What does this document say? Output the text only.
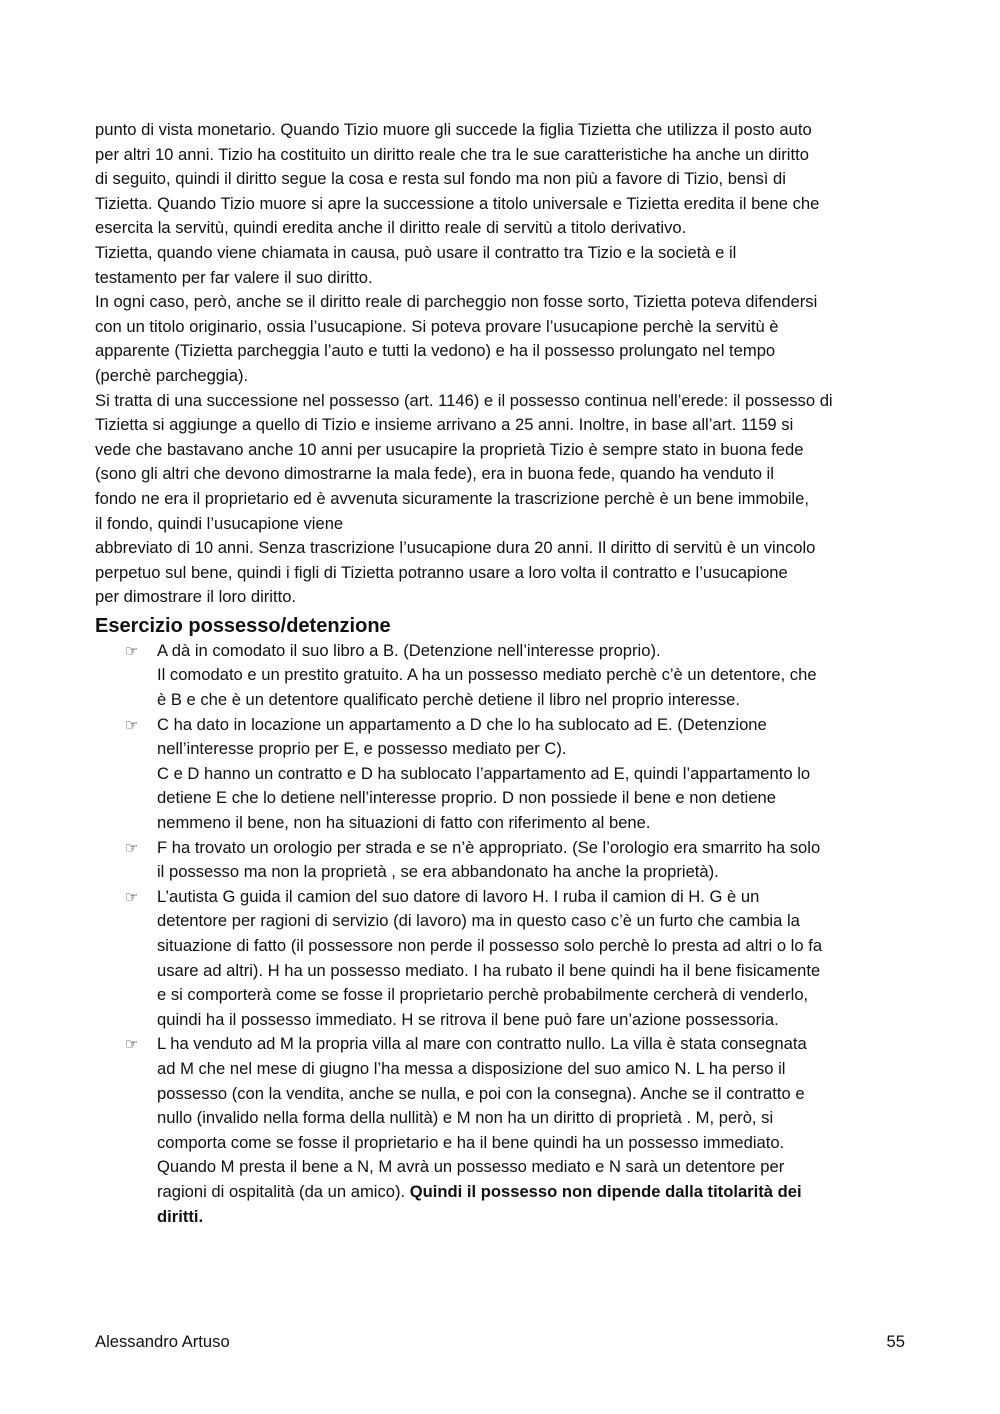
punto di vista monetario. Quando Tizio muore gli succede la figlia Tizietta che utilizza il posto auto
per altri 10 anni. Tizio ha costituito un diritto reale che tra le sue caratteristiche ha anche un diritto
di seguito, quindi il diritto segue la cosa e resta sul fondo ma non più a favore di Tizio, bensì di
Tizietta. Quando Tizio muore si apre la successione a titolo universale e Tizietta eredita il bene che
esercita la servitù, quindi eredita anche il diritto reale di servitù a titolo derivativo.

Tizietta, quando viene chiamata in causa, può usare il contratto tra Tizio e la società e il
testamento per far valere il suo diritto.

In ogni caso, però, anche se il diritto reale di parcheggio non fosse sorto, Tizietta poteva difendersi
con un titolo originario, ossia l’usucapione. Si poteva provare l’usucapione perchè la servitù è
apparente (Tizietta parcheggia l’auto e tutti la vedono) e ha il possesso prolungato nel tempo
(perchè parcheggia).

Si tratta di una successione nel possesso (art. 1146) e il possesso continua nell’erede: il possesso di
Tizietta si aggiunge a quello di Tizio e insieme arrivano a 25 anni. Inoltre, in base all’art. 1159 si
vede che bastavano anche 10 anni per usucapire la proprietà Tizio è sempre stato in buona fede
(sono gli altri che devono dimostrarne la mala fede), era in buona fede, quando ha venduto il
fondo ne era il proprietario ed è avvenuta sicuramente la trascrizione perchè è un bene immobile,
il fondo, quindi l’usucapione viene

abbreviato di 10 anni. Senza trascrizione l’usucapione dura 20 anni. Il diritto di servitù è un vincolo
perpetuo sul bene, quindi i figli di Tizietta potranno usare a loro volta il contratto e l’usucapione
per dimostrare il loro diritto.

Esercizio possesso/detenzione
☞	A dà in comodato il suo libro a B. (Detenzione nell’interesse proprio).
Il comodato e un prestito gratuito. A ha un possesso mediato perchè c’è un detentore, che
è B e che è un detentore qualificato perchè detiene il libro nel proprio interesse.
☞	C ha dato in locazione un appartamento a D che lo ha sublocato ad E. (Detenzione
nell’interesse proprio per E, e possesso mediato per C).
C e D hanno un contratto e D ha sublocato l’appartamento ad E, quindi l’appartamento lo
detiene E che lo detiene nell’interesse proprio. D non possiede il bene e non detiene
nemmeno il bene, non ha situazioni di fatto con riferimento al bene.
☞	F ha trovato un orologio per strada e se n’è appropriato. (Se l’orologio era smarrito ha solo
il possesso ma non la proprietà , se era abbandonato ha anche la proprietà).
☞	L’autista G guida il camion del suo datore di lavoro H. I ruba il camion di H. G è un
detentore per ragioni di servizio (di lavoro) ma in questo caso c’è un furto che cambia la
situazione di fatto (il possessore non perde il possesso solo perchè lo presta ad altri o lo fa
usare ad altri). H ha un possesso mediato. I ha rubato il bene quindi ha il bene fisicamente
e si comporterà come se fosse il proprietario perchè probabilmente cercherà di venderlo,
quindi ha il possesso immediato. H se ritrova il bene può fare un’azione possessoria.
☞	L ha venduto ad M la propria villa al mare con contratto nullo. La villa è stata consegnata
ad M che nel mese di giugno l’ha messa a disposizione del suo amico N. L ha perso il
possesso (con la vendita, anche se nulla, e poi con la consegna). Anche se il contratto e
nullo (invalido nella forma della nullità) e M non ha un diritto di proprietà . M, però, si
comporta come se fosse il proprietario e ha il bene quindi ha un possesso immediato.
Quando M presta il bene a N, M avrà un possesso mediato e N sarà un detentore per
ragioni di ospitalità (da un amico). Quindi il possesso non dipende dalla titolarità dei
diritti.
Alessandro Artuso	55
